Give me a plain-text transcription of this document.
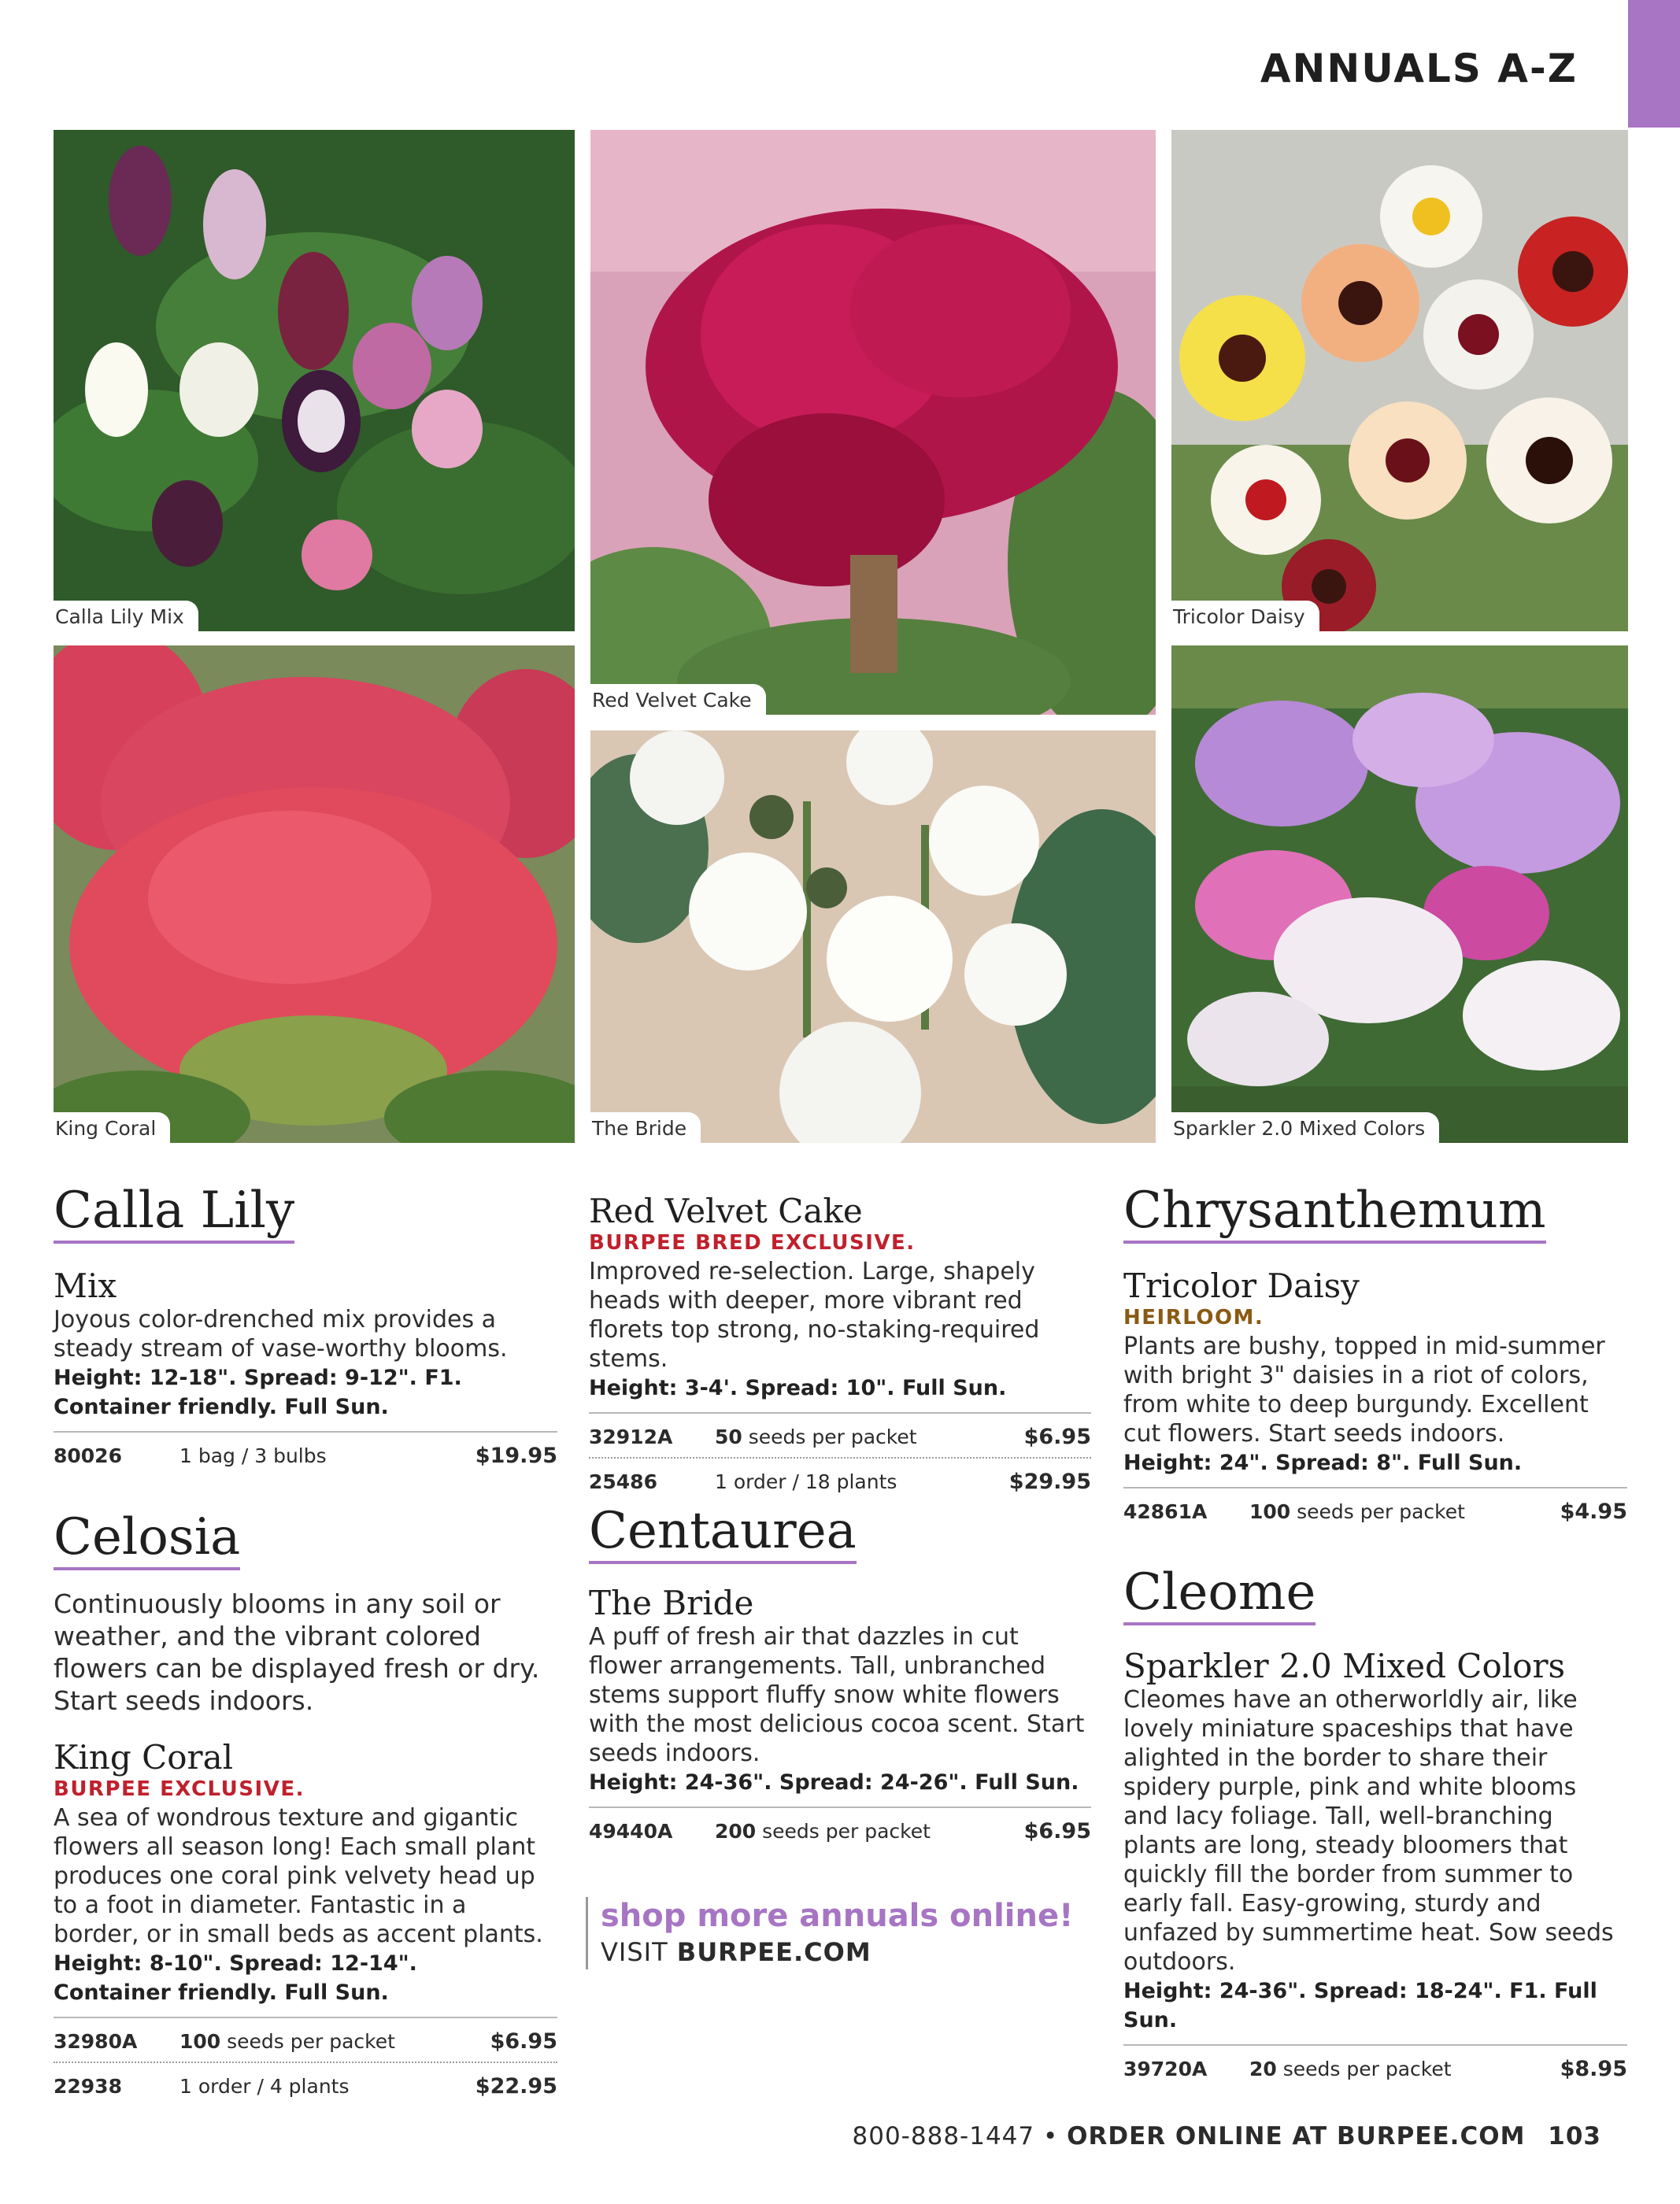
ANNUALS A-Z
Calla Lily Mix
Red Velvet Cake
Tricolor Daisy
King Coral	The Bride	Sparkler 2.0 Mixed Colors
Calla Lily
Mix
Joyous color-drenched mix provides a steady stream of vase-worthy blooms.
Height: 12-18". Spread: 9-12". F1.
Container friendly. Full Sun.
80026	1 bag / 3 bulbs	$19.95
Celosia
Continuously blooms in any soil or weather, and the vibrant colored flowers can be displayed fresh or dry. Start seeds indoors.
King Coral
BURPEE EXCLUSIVE.
A sea of wondrous texture and gigantic flowers all season long! Each small plant produces one coral pink velvety head up to a foot in diameter. Fantastic in a border, or in small beds as accent plants.
Height: 8-10". Spread: 12-14".
Container friendly. Full Sun.
32980A	100 seeds per packet	$6.95
22938	1 order / 4 plants	$22.95
Red Velvet Cake
BURPEE BRED EXCLUSIVE.
Improved re-selection. Large, shapely heads with deeper, more vibrant red florets top strong, no-staking-required stems.
Height: 3-4'. Spread: 10". Full Sun.
32912A	50 seeds per packet	$6.95
25486	1 order / 18 plants	$29.95
Centaurea
The Bride
A puff of fresh air that dazzles in cut flower arrangements. Tall, unbranched stems support fluffy snow white flowers with the most delicious cocoa scent. Start seeds indoors.
Height: 24-36". Spread: 24-26". Full Sun.
49440A	200 seeds per packet	$6.95
shop more annuals online!
VISIT BURPEE.COM
Chrysanthemum
Tricolor Daisy
HEIRLOOM.
Plants are bushy, topped in mid-summer with bright 3" daisies in a riot of colors, from white to deep burgundy. Excellent cut flowers. Start seeds indoors.
Height: 24". Spread: 8". Full Sun.
42861A	100 seeds per packet	$4.95
Cleome
Sparkler 2.0 Mixed Colors
Cleomes have an otherworldly air, like lovely miniature spaceships that have alighted in the border to share their spidery purple, pink and white blooms and lacy foliage. Tall, well-branching plants are long, steady bloomers that quickly fill the border from summer to early fall. Easy-growing, sturdy and unfazed by summertime heat. Sow seeds outdoors.
Height: 24-36". Spread: 18-24". F1. Full Sun.
39720A	20 seeds per packet	$8.95
800-888-1447 • ORDER ONLINE AT BURPEE.COM 103
